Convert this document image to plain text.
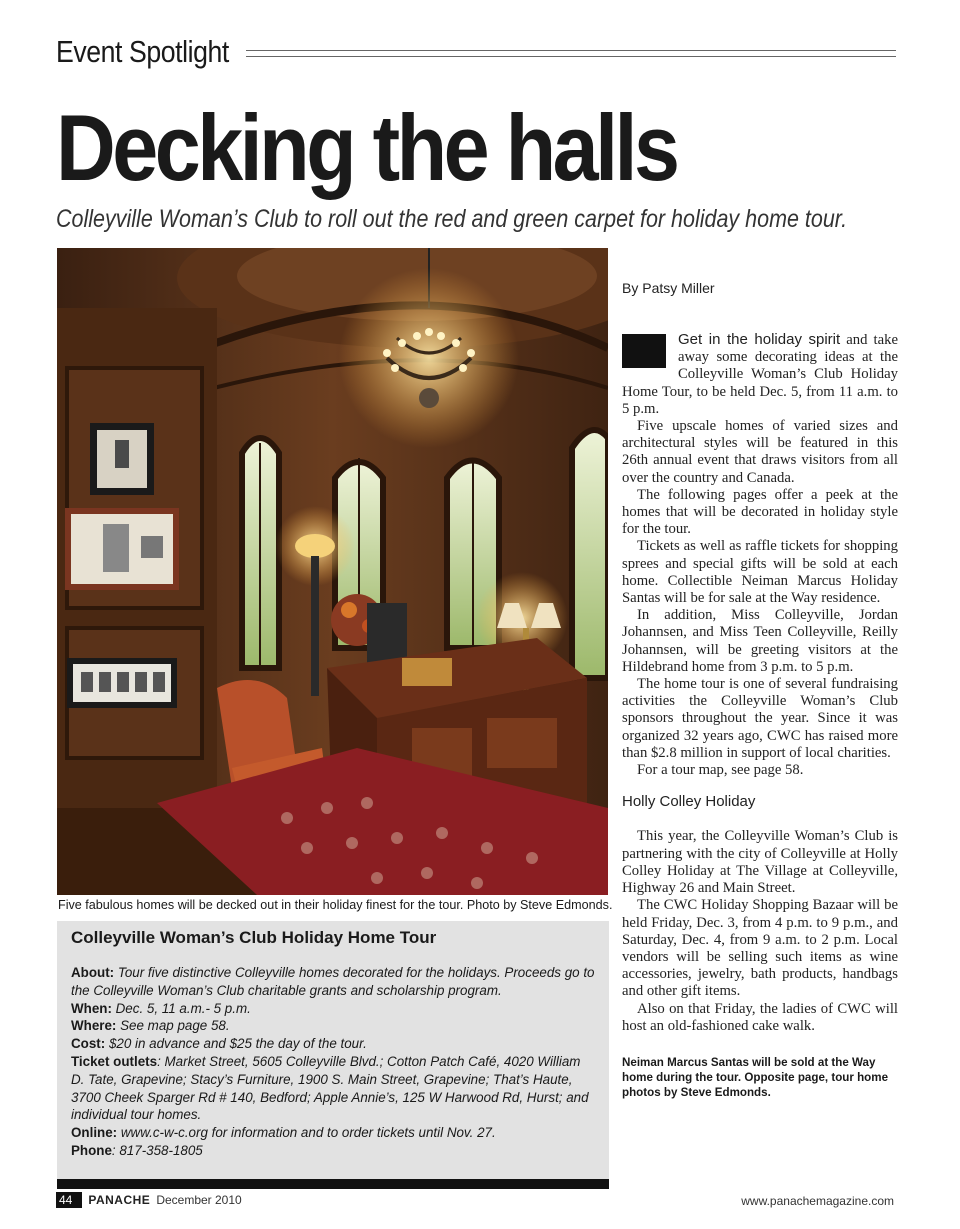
Event Spotlight
Decking the halls

Colleyville Woman’s Club to roll out the red and green carpet for holiday home tour.

Five fabulous homes will be decked out in their holiday finest for the tour. Photo by Steve Edmonds.
Colleyville Woman’s Club Holiday Home Tour

About: Tour five distinctive Colleyville homes decorated for the holidays. Proceeds go to the Colleyville Woman’s Club charitable grants and scholarship program.

When: Dec. 5, 11 a.m.- 5 p.m.

Where: See map page 58.

Cost: $20 in advance and $25 the day of the tour.

Ticket outlets: Market Street, 5605 Colleyville Blvd.; Cotton Patch Café, 4020 William D. Tate, Grapevine; Stacy’s Furniture, 1900 S. Main Street, Grapevine; That’s Haute, 3700 Cheek Sparger Rd # 140, Bedford; Apple Annie’s, 125 W Harwood Rd, Hurst; and individual tour homes.

Online: www.c-w-c.org for information and to order tickets until Nov. 27.

Phone: 817-358-1805

By Patsy Miller

Get in the holiday spirit and take away some decorating ideas at the Colleyville Woman’s Club Holiday Home Tour, to be held Dec. 5, from 11 a.m. to 5 p.m.

Five upscale homes of varied sizes and architectural styles will be featured in this 26th annual event that draws visitors from all over the country and Canada.

The following pages offer a peek at the homes that will be decorated in holiday style for the tour.

Tickets as well as raffle tickets for shopping sprees and special gifts will be sold at each home. Collectible Neiman Marcus Holiday Santas will be for sale at the Way residence.

In addition, Miss Colleyville, Jordan Johannsen, and Miss Teen Colleyville, Reilly Johannsen, will be greeting visitors at the Hildebrand home from 3 p.m. to 5 p.m.

The home tour is one of several fundraising activities the Colleyville Woman’s Club sponsors throughout the year. Since it was organized 32 years ago, CWC has raised more than $2.8 million in support of local charities.

For a tour map, see page 58.

Holly Colley Holiday

This year, the Colleyville Woman’s Club is partnering with the city of Colleyville at Holly Colley Holiday at The Village at Colleyville, Highway 26 and Main Street.

The CWC Holiday Shopping Bazaar will be held Friday, Dec. 3, from 4 p.m. to 9 p.m., and Saturday, Dec. 4, from 9 a.m. to 2 p.m. Local vendors will be selling such items as wine accessories, jewelry, bath products, handbags and other gift items.

Also on that Friday, the ladies of CWC will host an old-fashioned cake walk.

Neiman Marcus Santas will be sold at the Way home during the tour. Opposite page, tour home photos by Steve Edmonds.
44	PANACHE December 2010	www.panachemagazine.com
